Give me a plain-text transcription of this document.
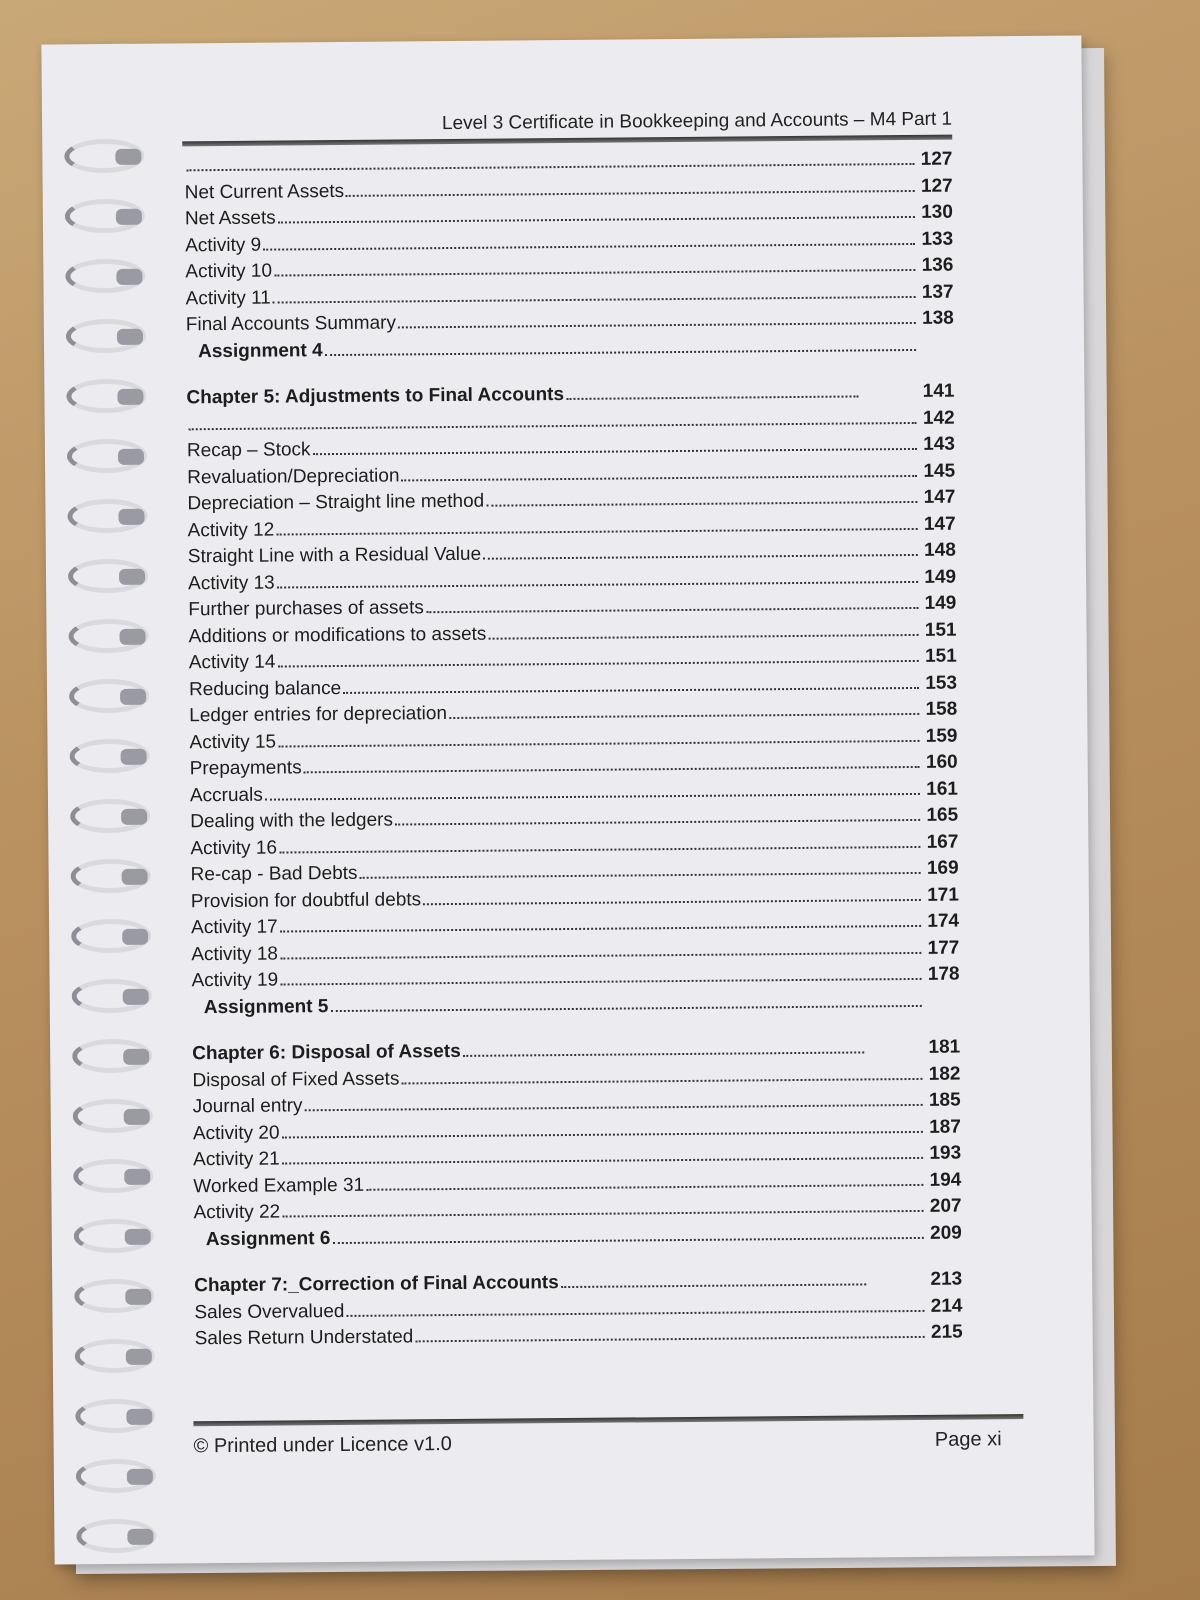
Level 3 Certificate in Bookkeeping and Accounts – M4 Part 1
127
Net Current Assets	127
Net Assets	130
Activity 9	133
Activity 10	136
Activity 11	137
Final Accounts Summary	138
Assignment 4
Chapter 5: Adjustments to Final Accounts	141
142
Recap – Stock	143
Revaluation/Depreciation	145
Depreciation – Straight line method	147
Activity 12	147
Straight Line with a Residual Value	148
Activity 13	149
Further purchases of assets	149
Additions or modifications to assets	151
Activity 14	151
Reducing balance	153
Ledger entries for depreciation	158
Activity 15	159
Prepayments	160
Accruals	161
Dealing with the ledgers	165
Activity 16	167
Re-cap - Bad Debts	169
Provision for doubtful debts	171
Activity 17	174
Activity 18	177
Activity 19	178
Assignment 5
Chapter 6: Disposal of Assets	181
Disposal of Fixed Assets	182
Journal entry	185
Activity 20	187
Activity 21	193
Worked Example 31	194
Activity 22	207
Assignment 6	209
Chapter 7:_Correction of Final Accounts	213
Sales Overvalued	214
Sales Return Understated	215
© Printed under Licence v1.0	Page xi
